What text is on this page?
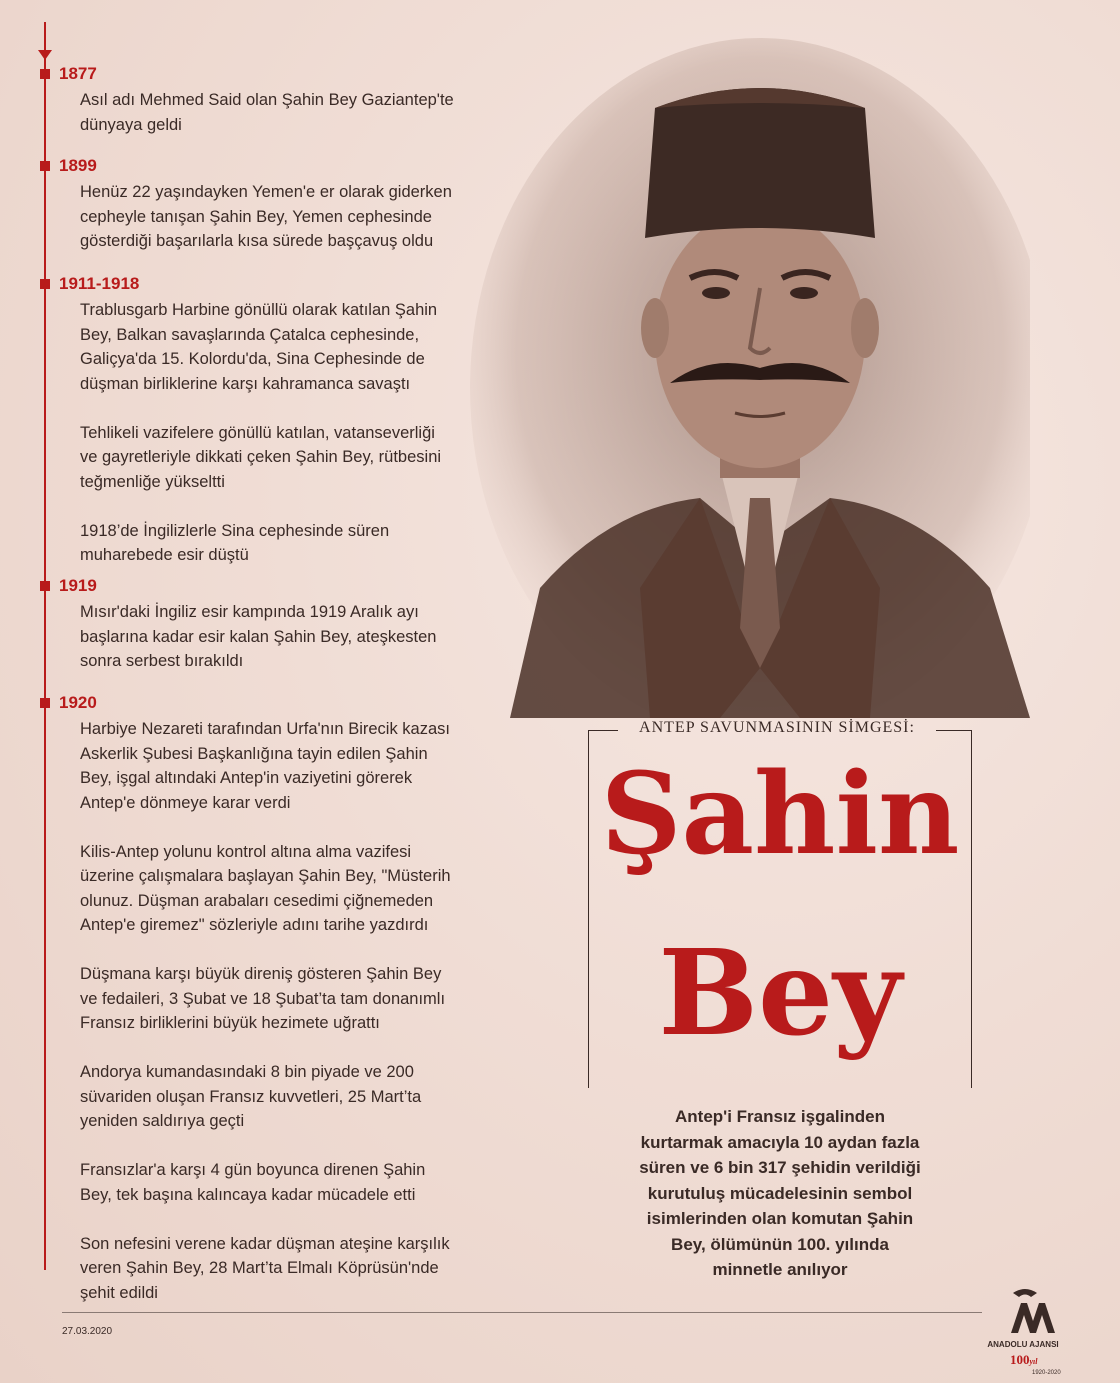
1877
Asıl adı Mehmed Said olan Şahin Bey Gaziantep'te
dünyaya geldi
1899
Henüz 22 yaşındayken Yemen'e er olarak giderken
cepheyle tanışan Şahin Bey, Yemen cephesinde
gösterdiği başarılarla kısa sürede başçavuş oldu
1911-1918
Trablusgarb Harbine gönüllü olarak katılan Şahin
Bey, Balkan savaşlarında Çatalca cephesinde,
Galiçya'da 15. Kolordu'da, Sina Cephesinde de
düşman birliklerine karşı kahramanca savaştı
Tehlikeli vazifelere gönüllü katılan, vatanseverliği
ve gayretleriyle dikkati çeken Şahin Bey, rütbesini
teğmenliğe yükseltti
1918’de İngilizlerle Sina cephesinde süren
muharebede esir düştü
1919
Mısır'daki İngiliz esir kampında 1919 Aralık ayı
başlarına kadar esir kalan Şahin Bey, ateşkesten
sonra serbest bırakıldı
1920
Harbiye Nezareti tarafından Urfa'nın Birecik kazası
Askerlik Şubesi Başkanlığına tayin edilen Şahin
Bey, işgal altındaki Antep'in vaziyetini görerek
Antep'e dönmeye karar verdi
Kilis-Antep yolunu kontrol altına alma vazifesi
üzerine çalışmalara başlayan Şahin Bey, "Müsterih
olunuz. Düşman arabaları cesedimi çiğnemeden
Antep'e giremez" sözleriyle adını tarihe yazdırdı
Düşmana karşı büyük direniş gösteren Şahin Bey
ve fedaileri, 3 Şubat ve 18 Şubat’ta tam donanımlı
Fransız birliklerini büyük hezimete uğrattı
Andorya kumandasındaki 8 bin piyade ve 200
süvariden oluşan Fransız kuvvetleri, 25 Mart’ta
yeniden saldırıya geçti
Fransızlar'a karşı 4 gün boyunca direnen Şahin
Bey, tek başına kalıncaya kadar mücadele etti
Son nefesini verene kadar düşman ateşine karşılık
veren Şahin Bey, 28 Mart’ta Elmalı Köprüsün'nde
şehit edildi
ANTEP SAVUNMASININ SİMGESİ:
Şahin
Bey
Antep'i Fransız işgalinden
kurtarmak amacıyla 10 aydan fazla
süren ve 6 bin 317 şehidin verildiği
kurutuluş mücadelesinin sembol
isimlerinden olan komutan Şahin
Bey, ölümünün 100. yılında
minnetle anılıyor
27.03.2020
ANADOLU AJANSI
100yıl
1920-2020
